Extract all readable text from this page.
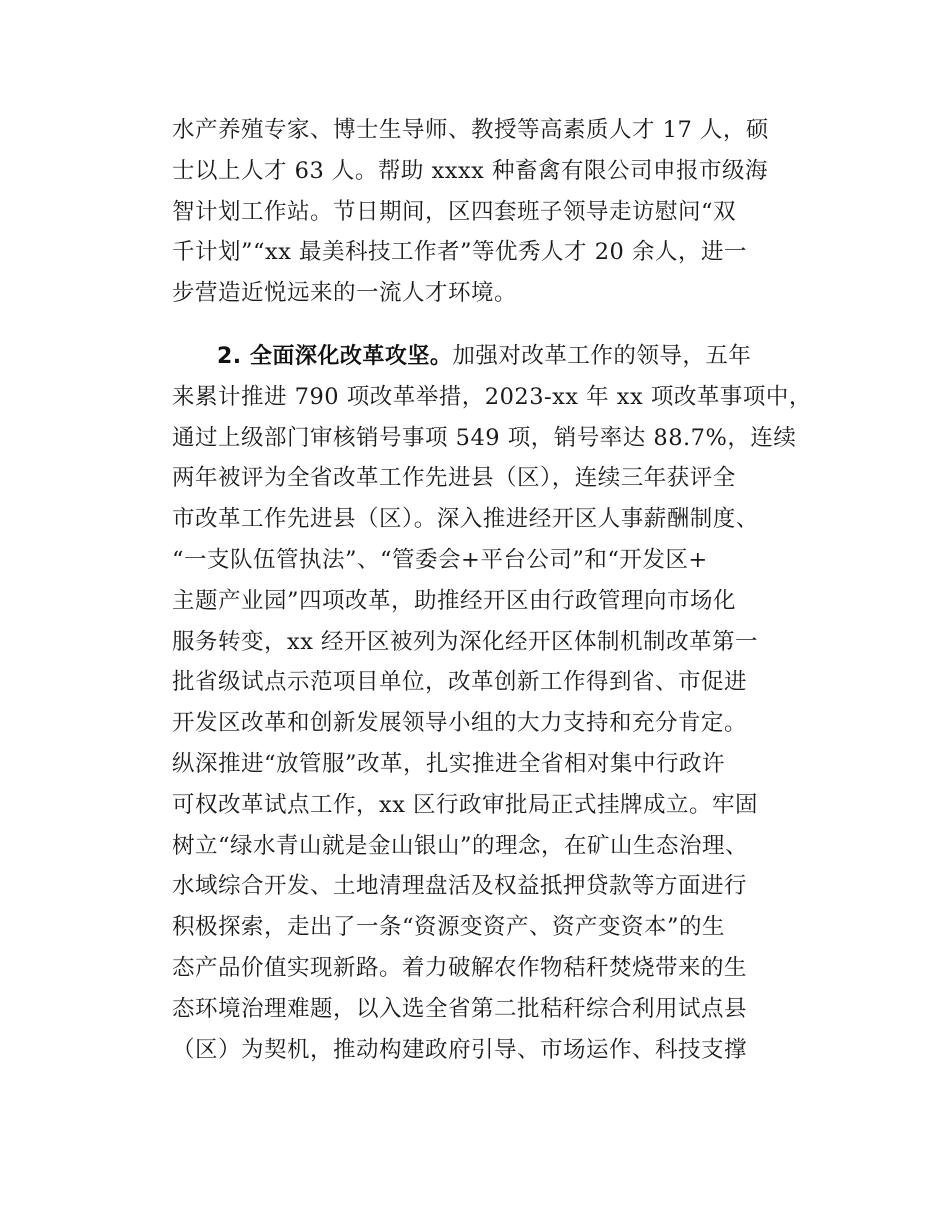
水产养殖专家、博士生导师、教授等高素质人才 17 人，硕
士以上人才 63 人。帮助 xxxx 种畜禽有限公司申报市级海
智计划工作站。节日期间，区四套班子领导走访慰问“双
千计划”“xx 最美科技工作者”等优秀人才 20 余人，进一
步营造近悦远来的一流人才环境。
2. 全面深化改革攻坚。加强对改革工作的领导，五年
来累计推进 790 项改革举措，2023-xx 年 xx 项改革事项中，
通过上级部门审核销号事项 549 项，销号率达 88.7%，连续
两年被评为全省改革工作先进县（区），连续三年获评全
市改革工作先进县（区）。深入推进经开区人事薪酬制度、
“一支队伍管执法”、“管委会+平台公司”和“开发区+
主题产业园”四项改革，助推经开区由行政管理向市场化
服务转变，xx 经开区被列为深化经开区体制机制改革第一
批省级试点示范项目单位，改革创新工作得到省、市促进
开发区改革和创新发展领导小组的大力支持和充分肯定。
纵深推进“放管服”改革，扎实推进全省相对集中行政许
可权改革试点工作，xx 区行政审批局正式挂牌成立。牢固
树立“绿水青山就是金山银山”的理念，在矿山生态治理、
水域综合开发、土地清理盘活及权益抵押贷款等方面进行
积极探索，走出了一条“资源变资产、资产变资本”的生
态产品价值实现新路。着力破解农作物秸秆焚烧带来的生
态环境治理难题，以入选全省第二批秸秆综合利用试点县
（区）为契机，推动构建政府引导、市场运作、科技支撑
